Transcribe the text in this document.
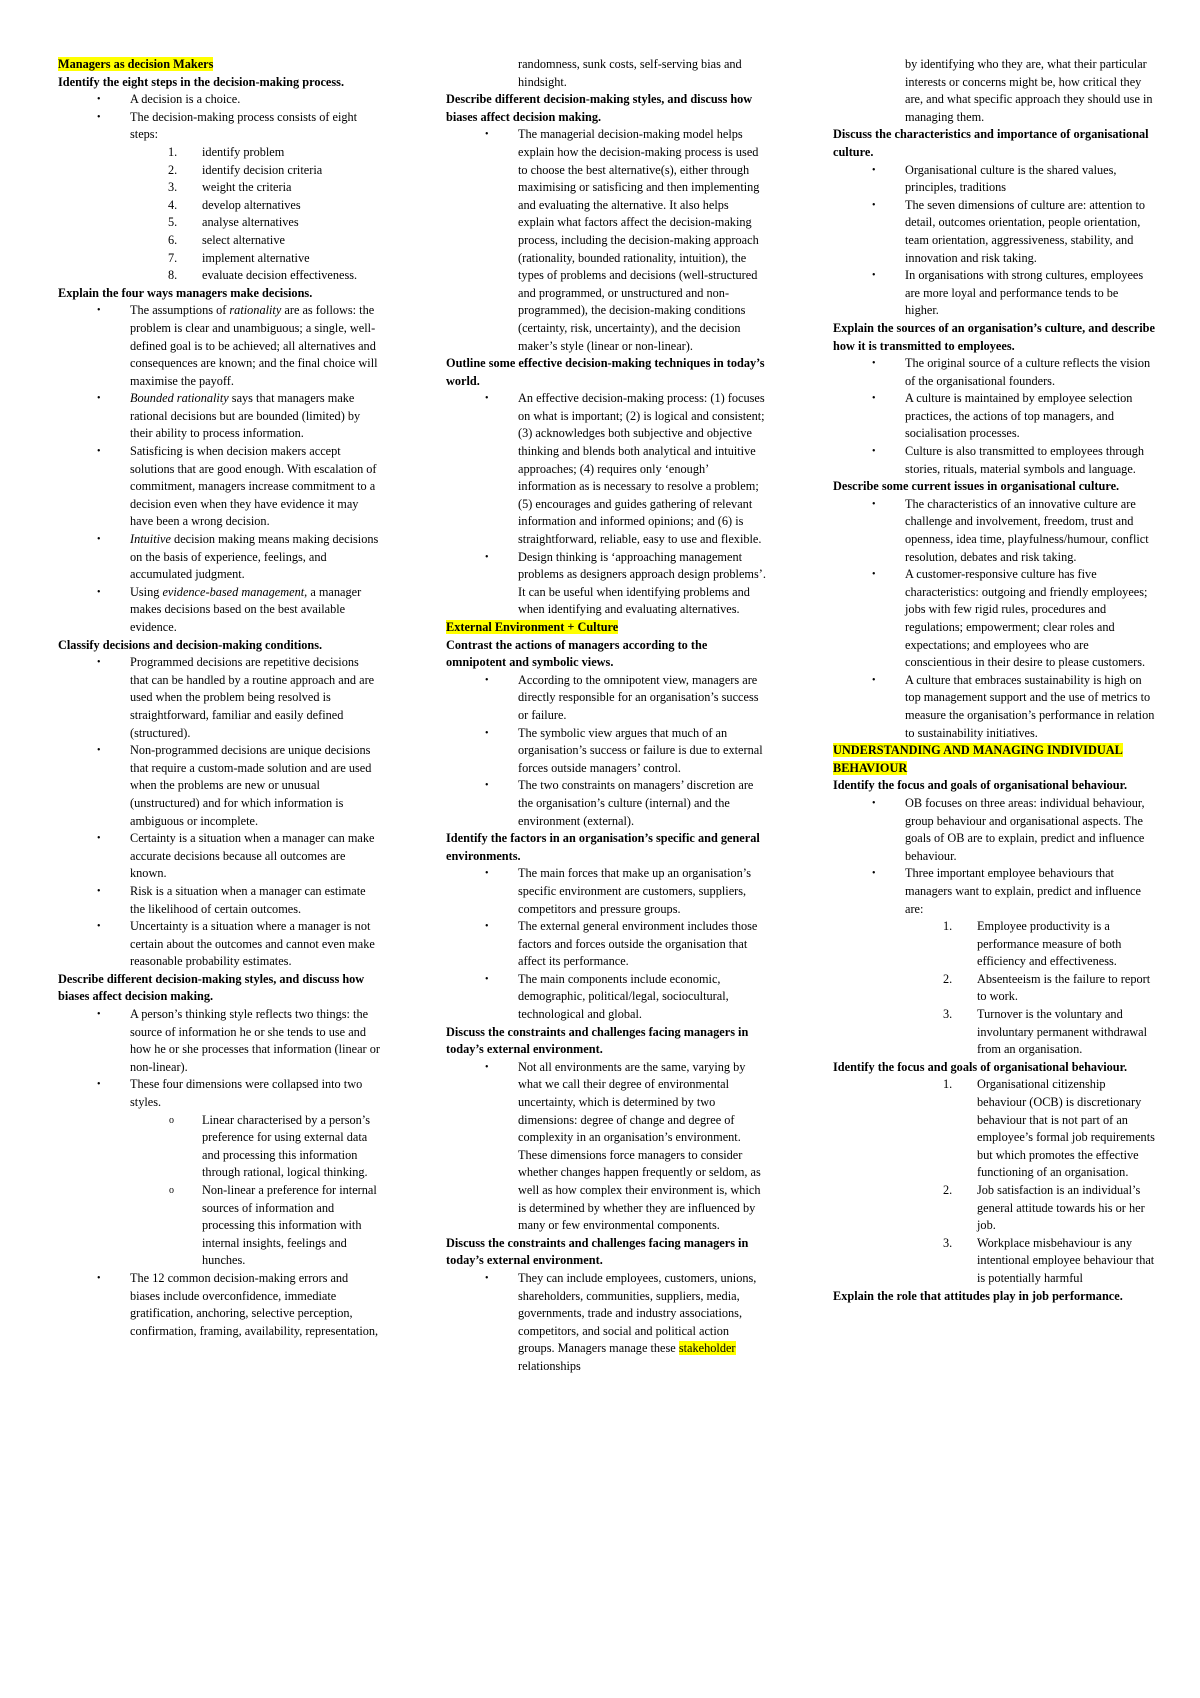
Managers as decision Makers

Identify the eight steps in the decision-making process.

• A decision is a choice.
• The decision-making process consists of eight steps:
1. identify problem
2. identify decision criteria
3. weight the criteria
4. develop alternatives
5. analyse alternatives
6. select alternative
7. implement alternative
8. evaluate decision effectiveness.

Explain the four ways managers make decisions.

• The assumptions of rationality are as follows: the problem is clear and unambiguous; a single, well-defined goal is to be achieved; all alternatives and consequences are known; and the final choice will maximise the payoff.
• Bounded rationality says that managers make rational decisions but are bounded (limited) by their ability to process information.
• Satisficing is when decision makers accept solutions that are good enough. With escalation of commitment, managers increase commitment to a decision even when they have evidence it may have been a wrong decision.
• Intuitive decision making means making decisions on the basis of experience, feelings, and accumulated judgment.
• Using evidence-based management, a manager makes decisions based on the best available evidence.

Classify decisions and decision-making conditions.

• Programmed decisions are repetitive decisions that can be handled by a routine approach and are used when the problem being resolved is straightforward, familiar and easily defined (structured).
• Non-programmed decisions are unique decisions that require a custom-made solution and are used when the problems are new or unusual (unstructured) and for which information is ambiguous or incomplete.
• Certainty is a situation when a manager can make accurate decisions because all outcomes are known.
• Risk is a situation when a manager can estimate the likelihood of certain outcomes.
• Uncertainty is a situation where a manager is not certain about the outcomes and cannot even make reasonable probability estimates.

Describe different decision-making styles, and discuss how biases affect decision making.

• A person’s thinking style reflects two things: the source of information he or she tends to use and how he or she processes that information (linear or non-linear).
• These four dimensions were collapsed into two styles.
o Linear characterised by a person’s preference for using external data and processing this information through rational, logical thinking.
o Non-linear a preference for internal sources of information and processing this information with internal insights, feelings and hunches.
• The 12 common decision-making errors and biases include overconfidence, immediate gratification, anchoring, selective perception, confirmation, framing, availability, representation,
randomness, sunk costs, self-serving bias and hindsight.

Describe different decision-making styles, and discuss how biases affect decision making.

• The managerial decision-making model helps explain how the decision-making process is used to choose the best alternative(s), either through maximising or satisficing and then implementing and evaluating the alternative. It also helps explain what factors affect the decision-making process, including the decision-making approach (rationality, bounded rationality, intuition), the types of problems and decisions (well-structured and programmed, or unstructured and non-programmed), the decision-making conditions (certainty, risk, uncertainty), and the decision maker’s style (linear or non-linear).

Outline some effective decision-making techniques in today’s world.

• An effective decision-making process: (1) focuses on what is important; (2) is logical and consistent; (3) acknowledges both subjective and objective thinking and blends both analytical and intuitive approaches; (4) requires only ‘enough’ information as is necessary to resolve a problem; (5) encourages and guides gathering of relevant information and informed opinions; and (6) is straightforward, reliable, easy to use and flexible.
• Design thinking is ‘approaching management problems as designers approach design problems’. It can be useful when identifying problems and when identifying and evaluating alternatives.

External Environment + Culture

Contrast the actions of managers according to the omnipotent and symbolic views.

• According to the omnipotent view, managers are directly responsible for an organisation’s success or failure.
• The symbolic view argues that much of an organisation’s success or failure is due to external forces outside managers’ control.
• The two constraints on managers’ discretion are the organisation’s culture (internal) and the environment (external).

Identify the factors in an organisation’s specific and general environments.

• The main forces that make up an organisation’s specific environment are customers, suppliers, competitors and pressure groups.
• The external general environment includes those factors and forces outside the organisation that affect its performance.
• The main components include economic, demographic, political/legal, sociocultural, technological and global.

Discuss the constraints and challenges facing managers in today’s external environment.

• Not all environments are the same, varying by what we call their degree of environmental uncertainty, which is determined by two dimensions: degree of change and degree of complexity in an organisation’s environment. These dimensions force managers to consider whether changes happen frequently or seldom, as well as how complex their environment is, which is determined by whether they are influenced by many or few environmental components.

Discuss the constraints and challenges facing managers in today’s external environment.

• They can include employees, customers, unions, shareholders, communities, suppliers, media, governments, trade and industry associations, competitors, and social and political action groups. Managers manage these stakeholder relationships
by identifying who they are, what their particular interests or concerns might be, how critical they are, and what specific approach they should use in managing them.

Discuss the characteristics and importance of organisational culture.

• Organisational culture is the shared values, principles, traditions
• The seven dimensions of culture are: attention to detail, outcomes orientation, people orientation, team orientation, aggressiveness, stability, and innovation and risk taking.
• In organisations with strong cultures, employees are more loyal and performance tends to be higher.

Explain the sources of an organisation’s culture, and describe how it is transmitted to employees.

• The original source of a culture reflects the vision of the organisational founders.
• A culture is maintained by employee selection practices, the actions of top managers, and socialisation processes.
• Culture is also transmitted to employees through stories, rituals, material symbols and language.

Describe some current issues in organisational culture.

• The characteristics of an innovative culture are challenge and involvement, freedom, trust and openness, idea time, playfulness/humour, conflict resolution, debates and risk taking.
• A customer-responsive culture has five characteristics: outgoing and friendly employees; jobs with few rigid rules, procedures and regulations; empowerment; clear roles and expectations; and employees who are conscientious in their desire to please customers.
• A culture that embraces sustainability is high on top management support and the use of metrics to measure the organisation’s performance in relation to sustainability initiatives.

UNDERSTANDING AND MANAGING INDIVIDUAL BEHAVIOUR

Identify the focus and goals of organisational behaviour.

• OB focuses on three areas: individual behaviour, group behaviour and organisational aspects. The goals of OB are to explain, predict and influence behaviour.
• Three important employee behaviours that managers want to explain, predict and influence are:
1. Employee productivity is a performance measure of both efficiency and effectiveness.
2. Absenteeism is the failure to report to work.
3. Turnover is the voluntary and involuntary permanent withdrawal from an organisation.

Identify the focus and goals of organisational behaviour.

1. Organisational citizenship behaviour (OCB) is discretionary behaviour that is not part of an employee’s formal job requirements but which promotes the effective functioning of an organisation.
2. Job satisfaction is an individual’s general attitude towards his or her job.
3. Workplace misbehaviour is any intentional employee behaviour that is potentially harmful

Explain the role that attitudes play in job performance.
